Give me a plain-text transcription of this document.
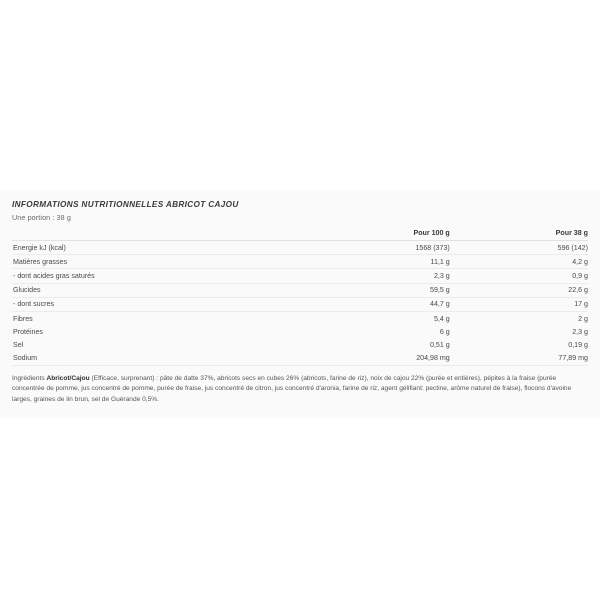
INFORMATIONS NUTRITIONNELLES ABRICOT CAJOU
Une portion : 38 g
	Pour 100 g	Pour 38 g
Energie kJ (kcal)	1568 (373)	596 (142)
Matières grasses	11,1 g	4,2 g
- dont acides gras saturés	2,3 g	0,9 g
Glucides	59,5 g	22,6 g
- dont sucres	44,7 g	17 g
Fibres	5,4 g	2 g
Protéines	6 g	2,3 g
Sel	0,51 g	0,19 g
Sodium	204,98 mg	77,89 mg
Ingrédients Abricot/Cajou (Efficace, surprenant) : pâte de datte 37%, abricots secs en cubes 26% (abricots, farine de riz), noix de cajou 22% (purée et entières), pépites à la fraise (purée concentrée de pomme, jus concentré de pomme, purée de fraise, jus concentré de citron, jus concentré d'aronia, farine de riz, agent gélifiant: pectine, arôme naturel de fraise), flocons d'avoine larges, graines de lin brun, sel de Guérande 0,5%.
